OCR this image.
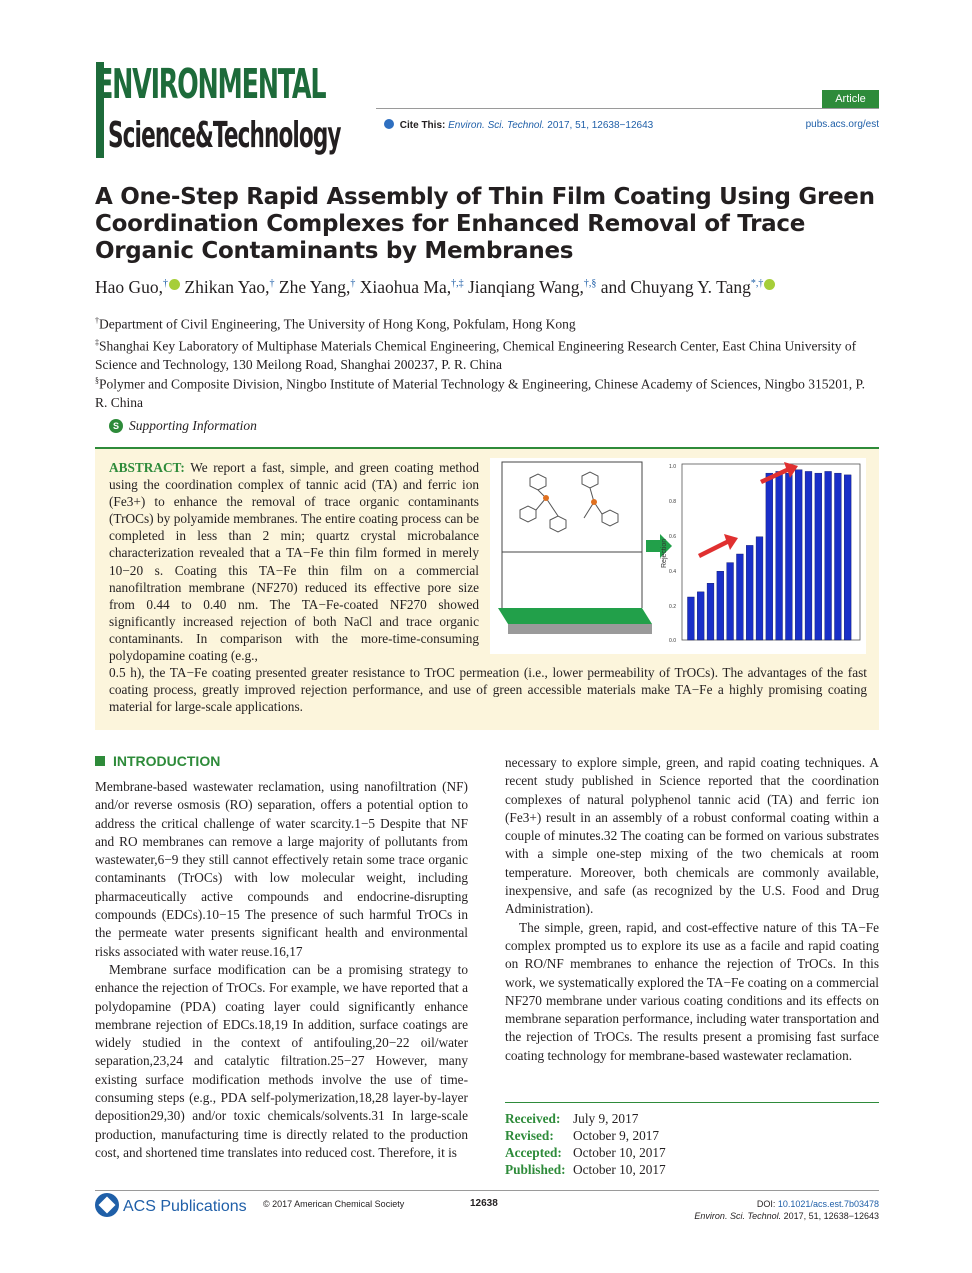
ENVIRONMENTAL
Science&Technology
Article
Cite This: Environ. Sci. Technol. 2017, 51, 12638−12643	pubs.acs.org/est
A One-Step Rapid Assembly of Thin Film Coating Using Green Coordination Complexes for Enhanced Removal of Trace Organic Contaminants by Membranes
Hao Guo,† Zhikan Yao,† Zhe Yang,† Xiaohua Ma,†,‡ Jianqiang Wang,†,§ and Chuyang Y. Tang*,†
†Department of Civil Engineering, The University of Hong Kong, Pokfulam, Hong Kong
‡Shanghai Key Laboratory of Multiphase Materials Chemical Engineering, Chemical Engineering Research Center, East China University of Science and Technology, 130 Meilong Road, Shanghai 200237, P. R. China
§Polymer and Composite Division, Ningbo Institute of Material Technology & Engineering, Chinese Academy of Sciences, Ningbo 315201, P. R. China
S Supporting Information
ABSTRACT: We report a fast, simple, and green coating method using the coordination complex of tannic acid (TA) and ferric ion (Fe3+) to enhance the removal of trace organic contaminants (TrOCs) by polyamide membranes. The entire coating process can be completed in less than 2 min; quartz crystal microbalance characterization revealed that a TA−Fe thin film formed in merely 10−20 s. Coating this TA−Fe thin film on a commercial nanofiltration membrane (NF270) reduced its effective pore size from 0.44 to 0.40 nm. The TA−Fe-coated NF270 showed significantly increased rejection of both NaCl and trace organic contaminants. In comparison with the more-time-consuming polydopamine coating (e.g.,
0.5 h), the TA−Fe coating presented greater resistance to TrOC permeation (i.e., lower permeability of TrOCs). The advantages of the fast coating process, greatly improved rejection performance, and use of green accessible materials make TA−Fe a highly promising coating material for large-scale applications.
Rejection
1.0
0.8
0.6
0.4
0.2
0.0
INTRODUCTION

Membrane-based wastewater reclamation, using nanofiltration (NF) and/or reverse osmosis (RO) separation, offers a potential option to address the critical challenge of water scarcity.1−5 Despite that NF and RO membranes can remove a large majority of pollutants from wastewater,6−9 they still cannot effectively retain some trace organic contaminants (TrOCs) with low molecular weight, including pharmaceutically active compounds and endocrine-disrupting compounds (EDCs).10−15 The presence of such harmful TrOCs in the permeate water presents significant health and environmental risks associated with water reuse.16,17

Membrane surface modification can be a promising strategy to enhance the rejection of TrOCs. For example, we have reported that a polydopamine (PDA) coating layer could significantly enhance membrane rejection of EDCs.18,19 In addition, surface coatings are widely studied in the context of antifouling,20−22 oil/water separation,23,24 and catalytic filtration.25−27 However, many existing surface modification methods involve the use of time-consuming steps (e.g., PDA self-polymerization,18,28 layer-by-layer deposition29,30) and/or toxic chemicals/solvents.31 In large-scale production, manufacturing time is directly related to the production cost, and shortened time translates into reduced cost. Therefore, it is

necessary to explore simple, green, and rapid coating techniques. A recent study published in Science reported that the coordination complexes of natural polyphenol tannic acid (TA) and ferric ion (Fe3+) result in an assembly of a robust conformal coating within a couple of minutes.32 The coating can be formed on various substrates with a simple one-step mixing of the two chemicals at room temperature. Moreover, both chemicals are commonly available, inexpensive, and safe (as recognized by the U.S. Food and Drug Administration).

The simple, green, rapid, and cost-effective nature of this TA−Fe complex prompted us to explore its use as a facile and rapid coating on RO/NF membranes to enhance the rejection of TrOCs. In this work, we systematically explored the TA−Fe coating on a commercial NF270 membrane under various coating conditions and its effects on membrane separation performance, including water transportation and the rejection of TrOCs. The results present a promising fast surface coating technology for membrane-based wastewater reclamation.

Received: July 9, 2017
Revised:	October 9, 2017
Accepted: October 10, 2017
Published: October 10, 2017
ACS Publications © 2017 American Chemical Society	12638	DOI: 10.1021/acs.est.7b03478
Environ. Sci. Technol. 2017, 51, 12638−12643
